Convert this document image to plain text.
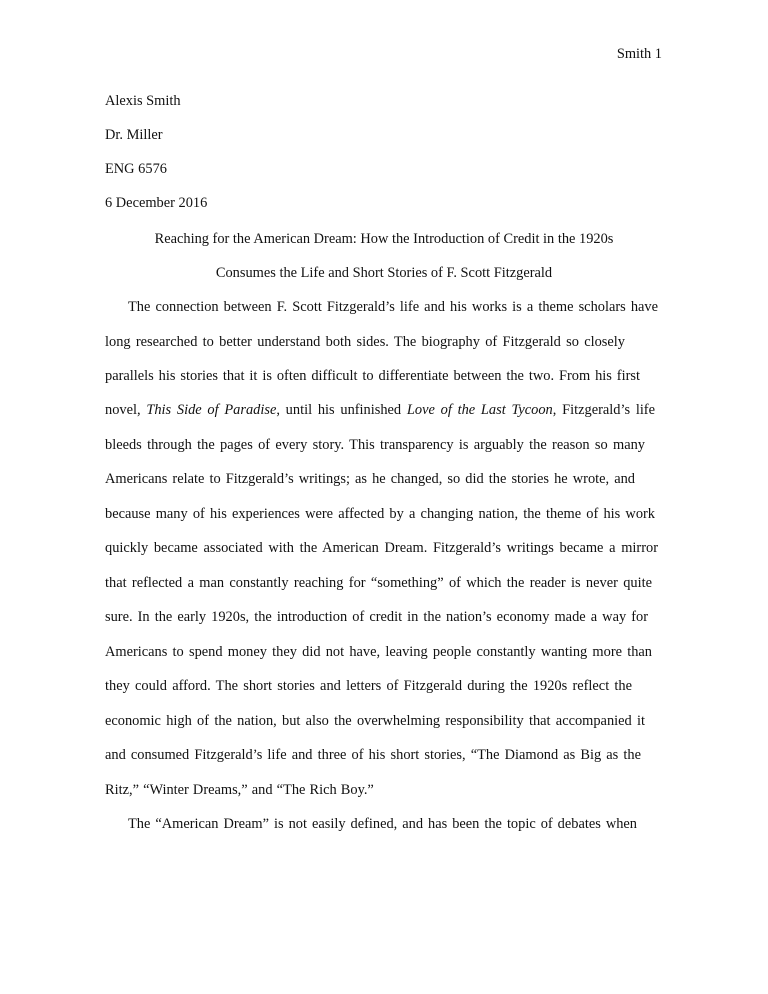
Smith 1
Alexis Smith
Dr. Miller
ENG 6576
6 December 2016
Reaching for the American Dream: How the Introduction of Credit in the 1920s
Consumes the Life and Short Stories of F. Scott Fitzgerald
The connection between F. Scott Fitzgerald’s life and his works is a theme scholars have
long researched to better understand both sides. The biography of Fitzgerald so closely
parallels his stories that it is often difficult to differentiate between the two. From his first
novel, This Side of Paradise, until his unfinished Love of the Last Tycoon, Fitzgerald’s life
bleeds through the pages of every story. This transparency is arguably the reason so many
Americans relate to Fitzgerald’s writings; as he changed, so did the stories he wrote, and
because many of his experiences were affected by a changing nation, the theme of his work
quickly became associated with the American Dream. Fitzgerald’s writings became a mirror
that reflected a man constantly reaching for “something” of which the reader is never quite
sure. In the early 1920s, the introduction of credit in the nation’s economy made a way for
Americans to spend money they did not have, leaving people constantly wanting more than
they could afford. The short stories and letters of Fitzgerald during the 1920s reflect the
economic high of the nation, but also the overwhelming responsibility that accompanied it
and consumed Fitzgerald’s life and three of his short stories, “The Diamond as Big as the
Ritz,” “Winter Dreams,” and “The Rich Boy.”
The “American Dream” is not easily defined, and has been the topic of debates when
